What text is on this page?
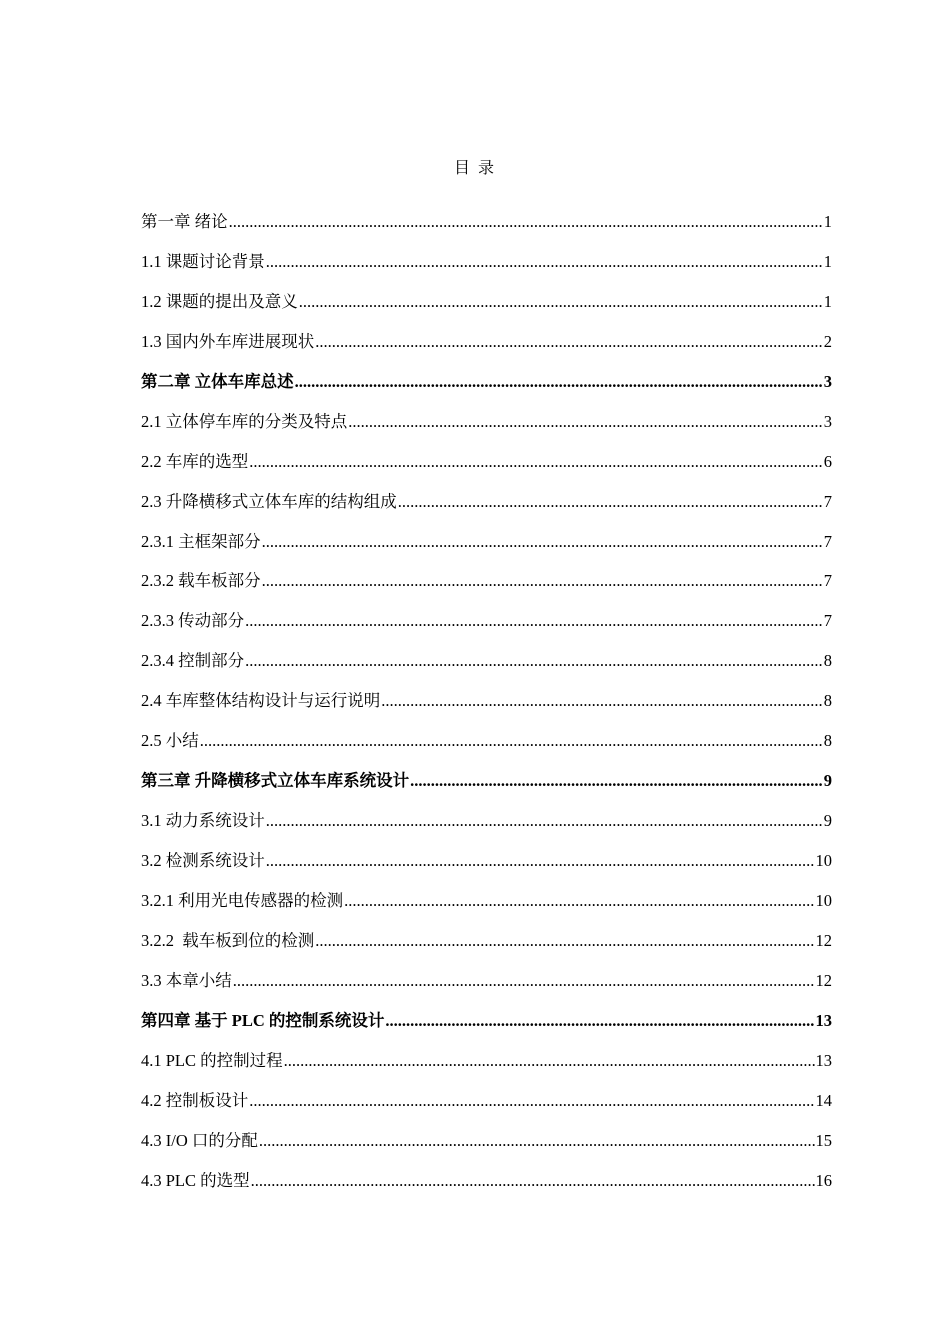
目 录
第一章 绪论 .....	1
1.1 课题讨论背景 .....	1
1.2 课题的提出及意义 .....	1
1.3 国内外车库进展现状 .....	2
第二章 立体车库总述 .....	3
2.1 立体停车库的分类及特点 .....	3
2.2 车库的选型 .....	6
2.3 升降横移式立体车库的结构组成 .....	7
2.3.1 主框架部分 .....	7
2.3.2 载车板部分 .....	7
2.3.3 传动部分 .....	7
2.3.4 控制部分 .....	8
2.4 车库整体结构设计与运行说明 .....	8
2.5 小结 .....	8
第三章 升降横移式立体车库系统设计 .....	9
3.1 动力系统设计 .....	9
3.2 检测系统设计 .....	10
3.2.1 利用光电传感器的检测 .....	10
3.2.2  载车板到位的检测 .....	12
3.3 本章小结 .....	12
第四章 基于 PLC 的控制系统设计 .....	13
4.1 PLC 的控制过程 .....	13
4.2 控制板设计 .....	14
4.3 I/O 口的分配 .....	15
4.3 PLC 的选型 .....	16
